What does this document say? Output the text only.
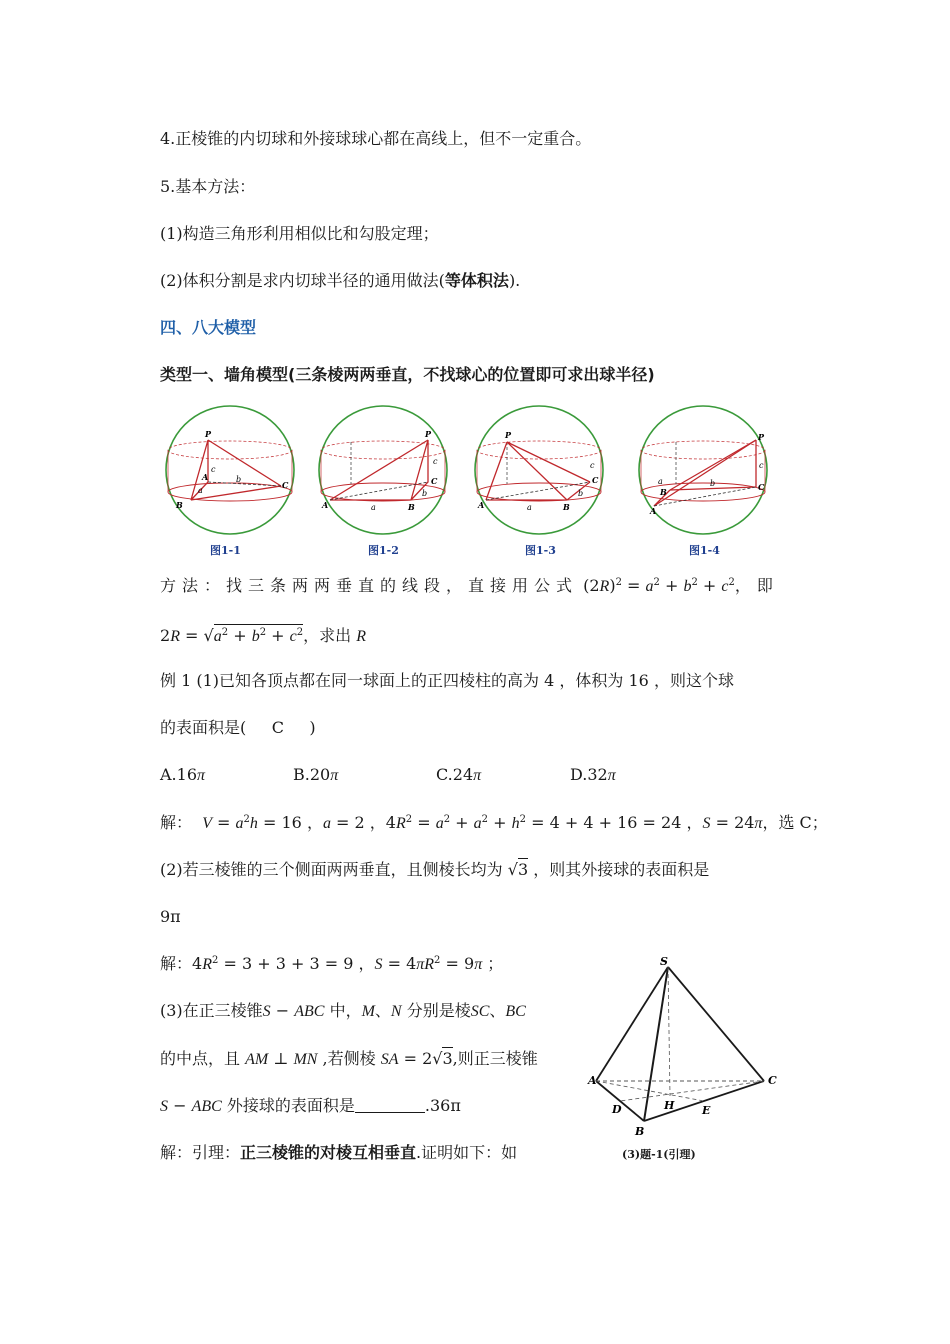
4.正棱锥的内切球和外接球球心都在高线上，但不一定重合。
5.基本方法：
(1)构造三角形利用相似比和勾股定理；
(2)体积分割是求内切球半径的通用做法(等体积法).
四、八大模型
类型一、墙角模型(三条棱两两垂直，不找球心的位置即可求出球半径)
P
A
B
C
c
a
b
P
A	B
C
c
a
b
P
A	B
C
c
a
b
P
A
B	C
c
a	b
图1-1	图1-2	图1-3	图1-4
方法：找三条两两垂直的线段，直接用公式 $(2R)^2 = a^2 + b^2 + c^2$，即
$2R = √a^2 + b^2 + c^2$，求出 R
例 1 (1)已知各顶点都在同一球面上的正四棱柱的高为 4 ，体积为 16 ，则这个球
的表面积是( C )
A.16π	B.20π	C.24π	D.32π
解： $V = a^2h = 16$ ，a = 2 ，$4R^2 = a^2 + a^2 + h^2 = 4 + 4 + 16 = 24$ ，S = 24π，选 C；
(2)若三棱锥的三个侧面两两垂直，且侧棱长均为 √3 ，则其外接球的表面积是
9π
解：$4R^2 = 3 + 3 + 3 = 9$ ，$S = 4\pi R^2 = 9\pi$ ；
(3)在正三棱锥S − ABC 中，M、N 分别是棱SC、BC
的中点，且 AM ⊥ MN ,若侧棱 SA = 2√3,则正三棱锥
S − ABC 外接球的表面积是	.36π
解：引理：正三棱锥的对棱互相垂直.证明如下：如
S
A	C
B
D	H	E
(3)题-1(引理)
